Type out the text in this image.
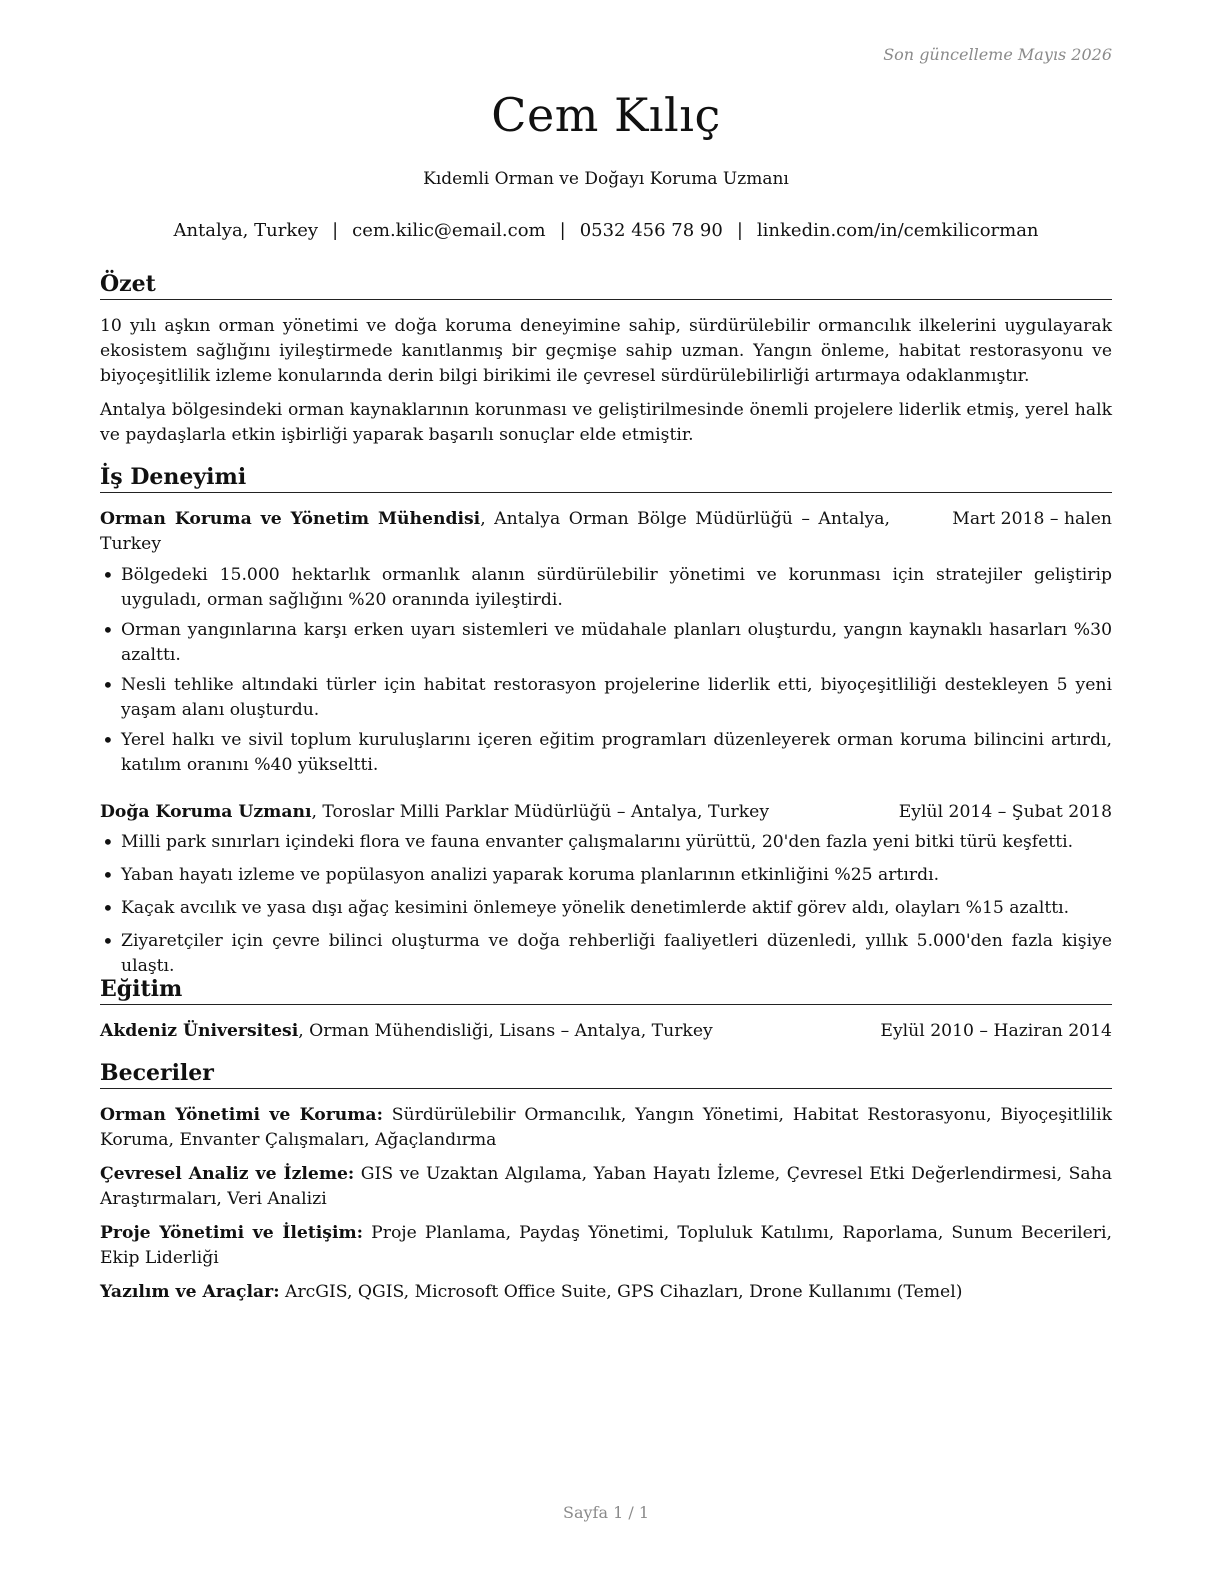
Son güncelleme Mayıs 2026
Cem Kılıç
Kıdemli Orman ve Doğayı Koruma Uzmanı
Antalya, Turkey | cem.kilic@email.com | 0532 456 78 90 | linkedin.com/in/cemkilicorman
Özet

10 yılı aşkın orman yönetimi ve doğa koruma deneyimine sahip, sürdürülebilir ormancılık ilkelerini uygulayarak ekosistem sağlığını iyileştirmede kanıtlanmış bir geçmişe sahip uzman. Yangın önleme, habitat restorasyonu ve biyoçeşitlilik izleme konularında derin bilgi birikimi ile çevresel sürdürülebilirliği artırmaya odaklanmıştır.

Antalya bölgesindeki orman kaynaklarının korunması ve geliştirilmesinde önemli projelere liderlik etmiş, yerel halk ve paydaşlarla etkin işbirliği yaparak başarılı sonuçlar elde etmiştir.

İş Deneyimi
Orman Koruma ve Yönetim Mühendisi, Antalya Orman Bölge Müdürlüğü – Antalya, Turkey
Mart 2018 – halen
• Bölgedeki 15.000 hektarlık ormanlık alanın sürdürülebilir yönetimi ve korunması için stratejiler geliştirip uyguladı, orman sağlığını %20 oranında iyileştirdi.
• Orman yangınlarına karşı erken uyarı sistemleri ve müdahale planları oluşturdu, yangın kaynaklı hasarları %30 azalttı.
• Nesli tehlike altındaki türler için habitat restorasyon projelerine liderlik etti, biyoçeşitliliği destekleyen 5 yeni yaşam alanı oluşturdu.
• Yerel halkı ve sivil toplum kuruluşlarını içeren eğitim programları düzenleyerek orman koruma bilincini artırdı, katılım oranını %40 yükseltti.
Doğa Koruma Uzmanı, Toroslar Milli Parklar Müdürlüğü – Antalya, Turkey	Eylül 2014 – Şubat 2018
• Milli park sınırları içindeki flora ve fauna envanter çalışmalarını yürüttü, 20'den fazla yeni bitki türü keşfetti.
• Yaban hayatı izleme ve popülasyon analizi yaparak koruma planlarının etkinliğini %25 artırdı.
• Kaçak avcılık ve yasa dışı ağaç kesimini önlemeye yönelik denetimlerde aktif görev aldı, olayları %15 azalttı.
• Ziyaretçiler için çevre bilinci oluşturma ve doğa rehberliği faaliyetleri düzenledi, yıllık 5.000'den fazla kişiye ulaştı.
Eğitim
Akdeniz Üniversitesi, Orman Mühendisliği, Lisans – Antalya, Turkey	Eylül 2010 – Haziran 2014
Beceriler

Orman Yönetimi ve Koruma: Sürdürülebilir Ormancılık, Yangın Yönetimi, Habitat Restorasyonu, Biyoçeşitlilik Koruma, Envanter Çalışmaları, Ağaçlandırma

Çevresel Analiz ve İzleme: GIS ve Uzaktan Algılama, Yaban Hayatı İzleme, Çevresel Etki Değerlendirmesi, Saha Araştırmaları, Veri Analizi

Proje Yönetimi ve İletişim: Proje Planlama, Paydaş Yönetimi, Topluluk Katılımı, Raporlama, Sunum Becerileri, Ekip Liderliği

Yazılım ve Araçlar: ArcGIS, QGIS, Microsoft Office Suite, GPS Cihazları, Drone Kullanımı (Temel)

Sayfa 1 / 1
